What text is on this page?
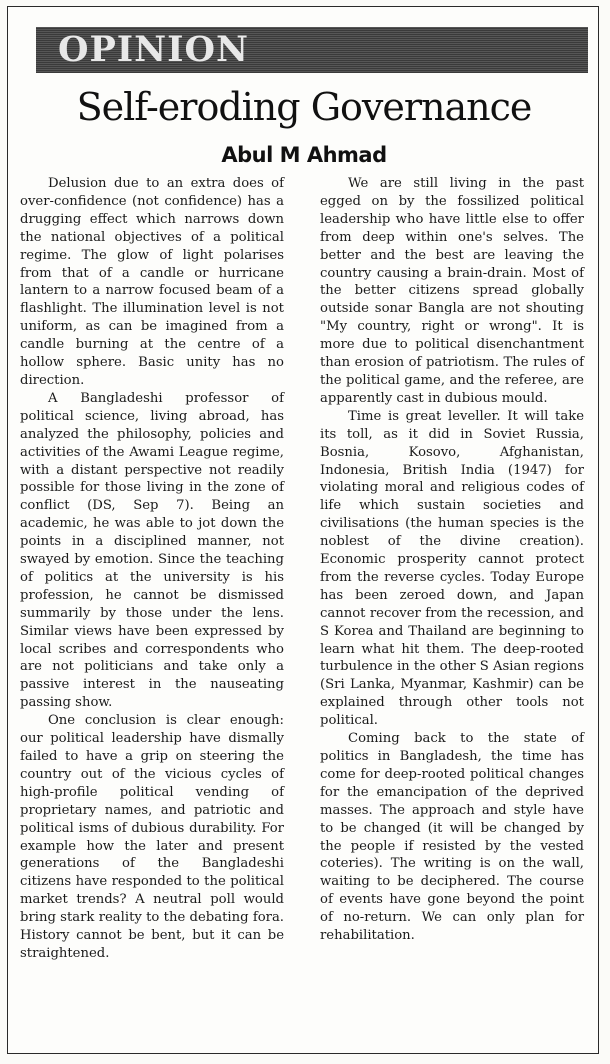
OPINION
Self-eroding Governance
Abul M Ahmad

Delusion due to an extra does of over-confidence (not confidence) has a drugging effect which narrows down the national objectives of a political regime. The glow of light polarises from that of a candle or hurricane lantern to a narrow focused beam of a flashlight. The illumination level is not uniform, as can be imagined from a candle burning at the centre of a hollow sphere. Basic unity has no direction.

A Bangladeshi professor of political science, living abroad, has analyzed the philosophy, policies and activities of the Awami League regime, with a distant perspective not readily possible for those living in the zone of conflict (DS, Sep 7). Being an academic, he was able to jot down the points in a disciplined manner, not swayed by emotion. Since the teaching of politics at the university is his profession, he cannot be dismissed summarily by those under the lens. Similar views have been expressed by local scribes and correspondents who are not politicians and take only a passive interest in the nauseating passing show.

One conclusion is clear enough: our political leadership have dismally failed to have a grip on steering the country out of the vicious cycles of high-profile political vending of proprietary names, and patriotic and political isms of dubious durability. For example how the later and present generations of the Bangladeshi citizens have responded to the political market trends? A neutral poll would bring stark reality to the debating fora. History cannot be bent, but it can be straightened.

We are still living in the past egged on by the fossilized political leadership who have little else to offer from deep within one's selves. The better and the best are leaving the country causing a brain-drain. Most of the better citizens spread globally outside sonar Bangla are not shouting "My country, right or wrong". It is more due to political disenchantment than erosion of patriotism. The rules of the political game, and the referee, are apparently cast in dubious mould.

Time is great leveller. It will take its toll, as it did in Soviet Russia, Bosnia, Kosovo, Afghanistan, Indonesia, British India (1947) for violating moral and religious codes of life which sustain societies and civilisations (the human species is the noblest of the divine creation). Economic prosperity cannot protect from the reverse cycles. Today Europe has been zeroed down, and Japan cannot recover from the recession, and S Korea and Thailand are beginning to learn what hit them. The deep-rooted turbulence in the other S Asian regions (Sri Lanka, Myanmar, Kashmir) can be explained through other tools not political.

Coming back to the state of politics in Bangladesh, the time has come for deep-rooted political changes for the emancipation of the deprived masses. The approach and style have to be changed (it will be changed by the people if resisted by the vested coteries). The writing is on the wall, waiting to be deciphered. The course of events have gone beyond the point of no-return. We can only plan for rehabilitation.
